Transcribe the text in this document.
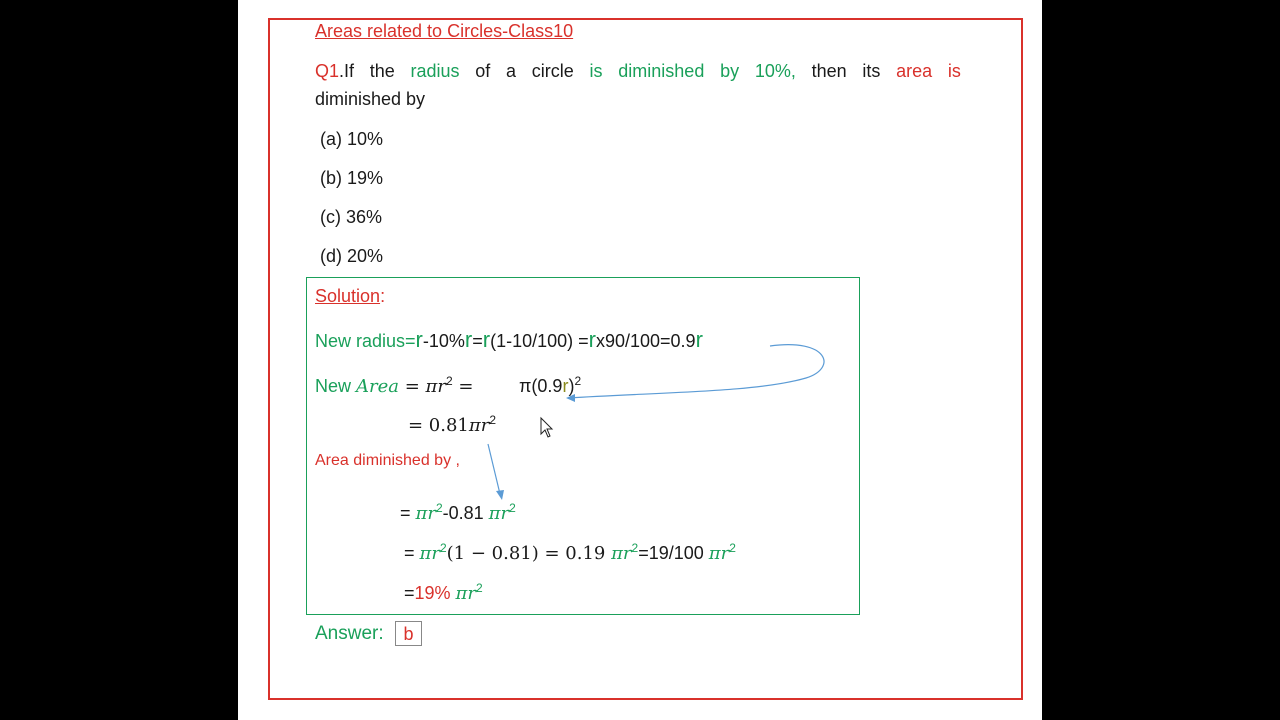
Areas related to Circles-Class10
Q1.If the radius of a circle is diminished by 10%, then its area is
diminished by
(a) 10%
(b) 19%
(c) 36%
(d) 20%
Solution:
New radius=r-10%r=r(1-10/100) =rx90/100=0.9r
New Area = $\pi r^2$ =	$\pi(0.9r)^2$
= $0.81\pi r^2$
Area diminished by ,
= $\pi r^2-0.81$ $\pi r^2$
= $\pi r^2(1 - 0.81) = 0.19$ $\pi r^2=19/100$ $\pi r^2$
=19% $\pi r^2$
Answer:	b
